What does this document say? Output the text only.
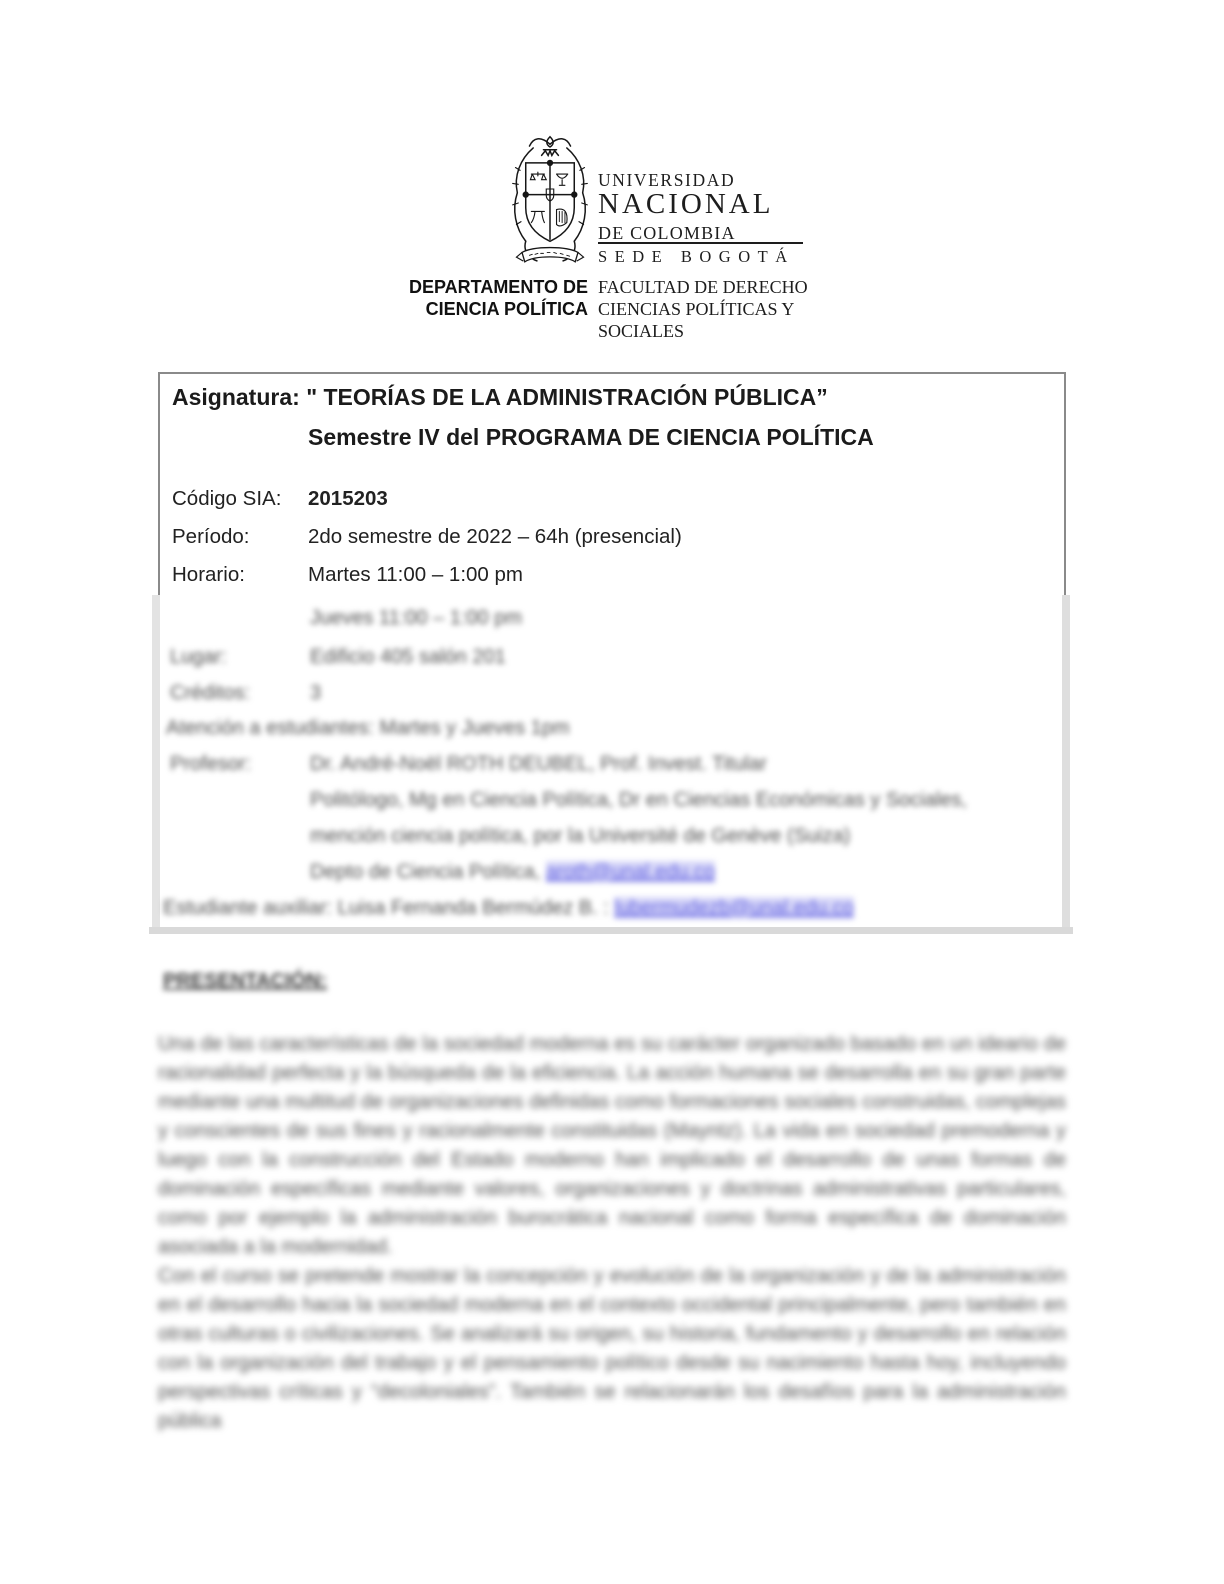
UNIVERSIDAD
NACIONAL
DE COLOMBIA
SEDE BOGOTÁ
DEPARTAMENTO DE
CIENCIA POLÍTICA
FACULTAD DE DERECHO
CIENCIAS POLÍTICAS Y
SOCIALES
Asignatura: " TEORÍAS DE LA ADMINISTRACIÓN PÚBLICA”
Semestre IV del PROGRAMA DE CIENCIA POLÍTICA
Código SIA: 2015203
Período:	2do semestre de 2022 – 64h (presencial)
Horario:	Martes 11:00 – 1:00 pm
Jueves 11:00 – 1:00 pm
Lugar:	Edificio 405 salón 201
Créditos:	3
Atención a estudiantes: Martes y Jueves 1pm
Profesor:	Dr. André-Noël ROTH DEUBEL, Prof. Invest. Titular
Politólogo, Mg en Ciencia Política, Dr en Ciencias Económicas y Sociales,
mención ciencia política, por la Université de Genève (Suiza)
Depto de Ciencia Política, aroth@unal.edu.co
Estudiante auxiliar: Luisa Fernanda Bermúdez B. : lubermudezb@unal.edu.co
PRESENTACIÓN:

Una de las características de la sociedad moderna es su carácter organizado basado en un ideario de racionalidad perfecta y la búsqueda de la eficiencia. La acción humana se desarrolla en su gran parte mediante una multitud de organizaciones definidas como formaciones sociales construidas, complejas y conscientes de sus fines y racionalmente constituidas (Mayntz). La vida en sociedad premoderna y luego con la construcción del Estado moderno han implicado el desarrollo de unas formas de dominación específicas mediante valores, organizaciones y doctrinas administrativas particulares, como por ejemplo la administración burocrática nacional como forma específica de dominación asociada a la modernidad.

Con el curso se pretende mostrar la concepción y evolución de la organización y de la administración en el desarrollo hacia la sociedad moderna en el contexto occidental principalmente, pero también en otras culturas o civilizaciones. Se analizará su origen, su historia, fundamento y desarrollo en relación con la organización del trabajo y el pensamiento político desde su nacimiento hasta hoy, incluyendo perspectivas críticas y “decoloniales”. También se relacionarán los desafíos para la administración pública
